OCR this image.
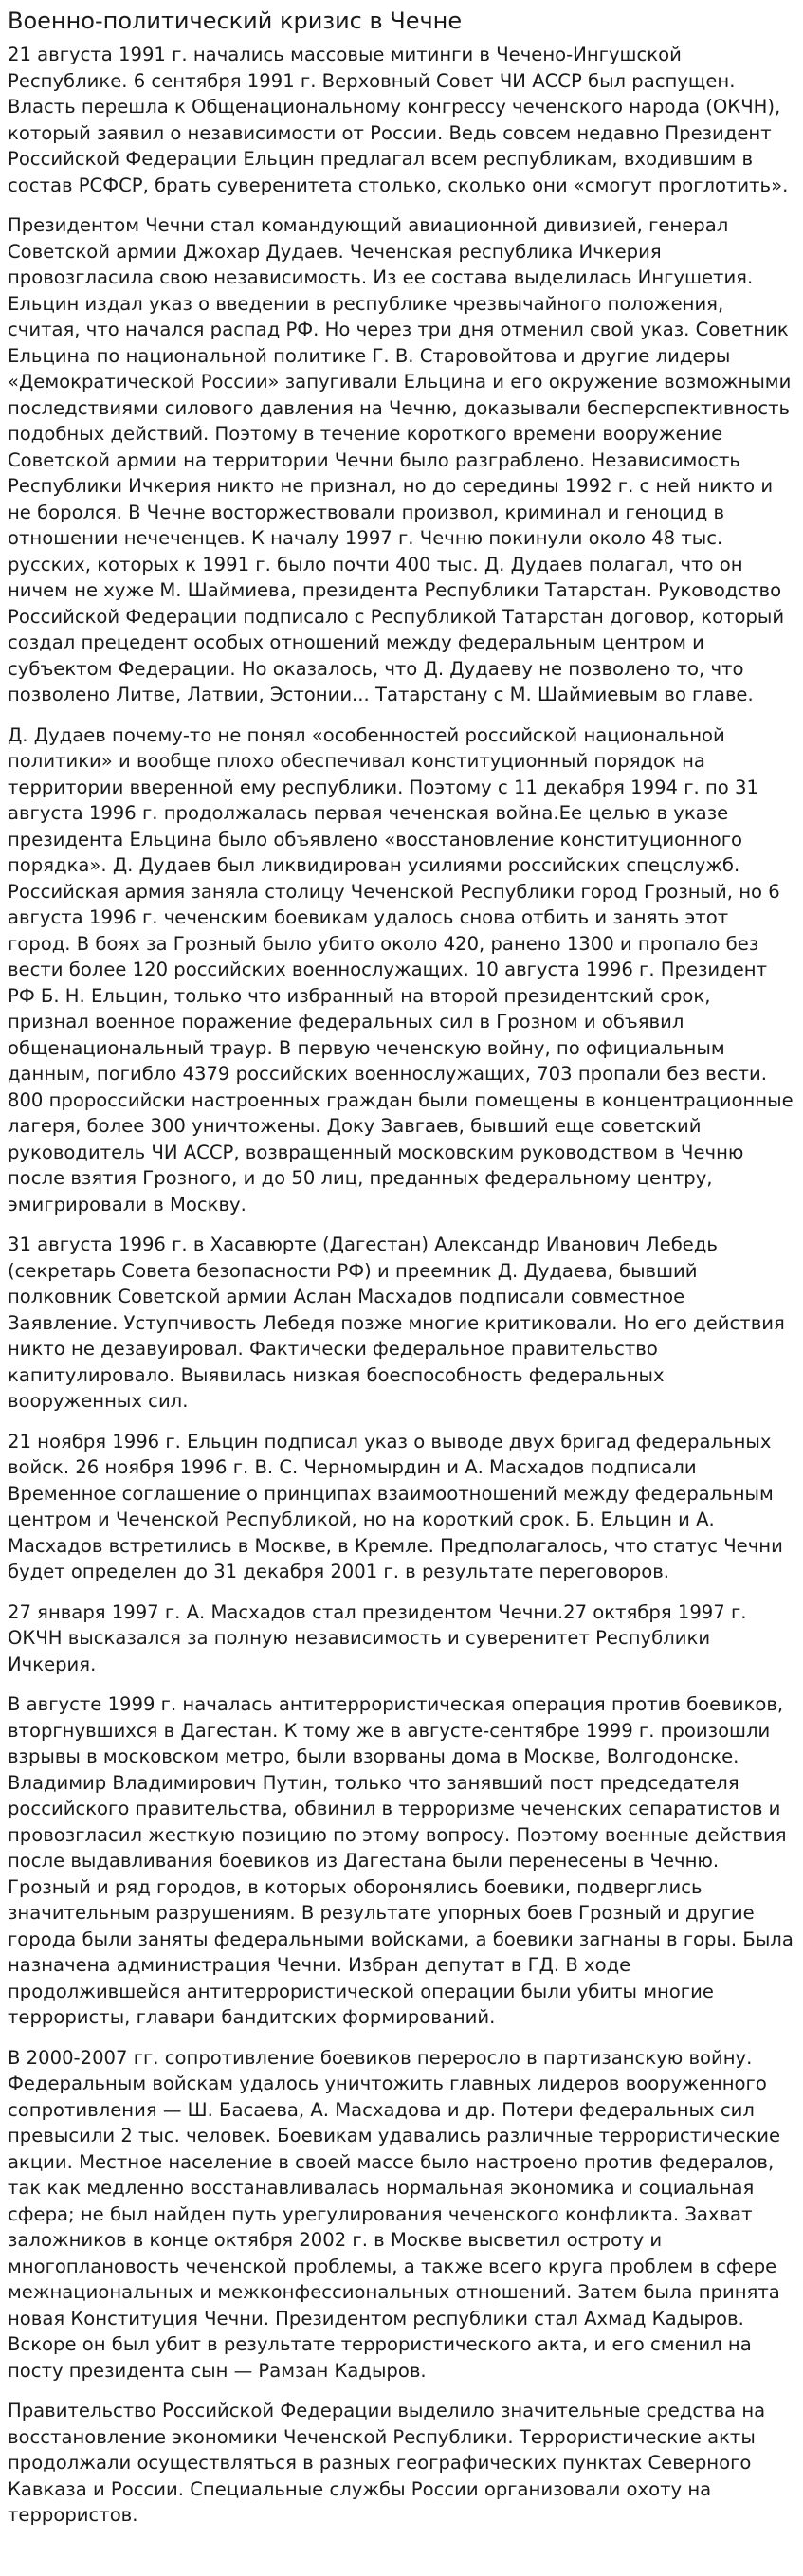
Военно-политический кризис в Чечне

21 августа 1991 г. начались массовые митинги в Чечено-Ингушской Республике. 6 сентября 1991 г. Верховный Совет ЧИ АССР был распущен. Власть перешла к Общенациональному конгрессу чеченского народа (ОКЧН), который заявил о независимости от России. Ведь совсем недавно Президент Российской Федерации Ельцин предлагал всем республикам, входившим в состав РСФСР, брать суверенитета столько, сколько они «смогут проглотить».

Президентом Чечни стал командующий авиационной дивизией, генерал Советской армии Джохар Дудаев. Чеченская республика Ичкерия провозгласила свою независимость. Из ее состава выделилась Ингушетия. Ельцин издал указ о введении в республике чрезвычайного положения, считая, что начался распад РФ. Но через три дня отменил свой указ. Советник Ельцина по национальной политике Г. В. Старовойтова и другие лидеры «Демократической России» запугивали Ельцина и его окружение возможными последствиями силового давления на Чечню, доказывали бесперспективность подобных действий. Поэтому в течение короткого времени вооружение Советской армии на территории Чечни было разграблено. Независимость Республики Ичкерия никто не признал, но до середины 1992 г. с ней никто и не боролся. В Чечне восторжествовали произвол, криминал и геноцид в отношении нечеченцев. К началу 1997 г. Чечню покинули около 48 тыс. русских, которых к 1991 г. было почти 400 тыс. Д. Дудаев полагал, что он ничем не хуже М. Шаймиева, президента Республики Татарстан. Руководство Российской Федерации подписало с Республикой Татарстан договор, который создал прецедент особых отношений между федеральным центром и субъектом Федерации. Но оказалось, что Д. Дудаеву не позволено то, что позволено Литве, Латвии, Эстонии... Татарстану с М. Шаймиевым во главе.

Д. Дудаев почему-то не понял «особенностей российской национальной политики» и вообще плохо обеспечивал конституционный порядок на территории вверенной ему республики. Поэтому с 11 декабря 1994 г. по 31 августа 1996 г. продолжалась первая чеченская война.Ее целью в указе президента Ельцина было объявлено «восстановление конституционного порядка». Д. Дудаев был ликвидирован усилиями российских спецслужб. Российская армия заняла столицу Чеченской Республики город Грозный, но 6 августа 1996 г. чеченским боевикам удалось снова отбить и занять этот город. В боях за Грозный было убито около 420, ранено 1300 и пропало без вести более 120 российских военнослужащих. 10 августа 1996 г. Президент РФ Б. Н. Ельцин, только что избранный на второй президентский срок, признал военное поражение федеральных сил в Грозном и объявил общенациональный траур. В первую чеченскую войну, по официальным данным, погибло 4379 российских военнослужащих, 703 пропали без вести. 800 пророссийски настроенных граждан были помещены в концентрационные лагеря, более 300 уничтожены. Доку Завгаев, бывший еще советский руководитель ЧИ АССР, возвращенный московским руководством в Чечню после взятия Грозного, и до 50 лиц, преданных федеральному центру, эмигрировали в Москву.

31 августа 1996 г. в Хасавюрте (Дагестан) Александр Иванович Лебедь (секретарь Совета безопасности РФ) и преемник Д. Дудаева, бывший полковник Советской армии Аслан Масхадов подписали совместное Заявление. Уступчивость Лебедя позже многие критиковали. Но его действия никто не дезавуировал. Фактически федеральное правительство капитулировало. Выявилась низкая боеспособность федеральных вооруженных сил.

21 ноября 1996 г. Ельцин подписал указ о выводе двух бригад федеральных войск. 26 ноября 1996 г. В. С. Черномырдин и А. Масхадов подписали Временное соглашение о принципах взаимоотношений между федеральным центром и Чеченской Республикой, но на короткий срок. Б. Ельцин и А. Масхадов встретились в Москве, в Кремле. Предполагалось, что статус Чечни будет определен до 31 декабря 2001 г. в результате переговоров.

27 января 1997 г. А. Масхадов стал президентом Чечни.27 октября 1997 г. ОКЧН высказался за полную независимость и суверенитет Республики Ичкерия.

В августе 1999 г. началась антитеррористическая операция против боевиков, вторгнувшихся в Дагестан. К тому же в августе-сентябре 1999 г. произошли взрывы в московском метро, были взорваны дома в Москве, Волгодонске. Владимир Владимирович Путин, только что занявший пост председателя российского правительства, обвинил в терроризме чеченских сепаратистов и провозгласил жесткую позицию по этому вопросу. Поэтому военные действия после выдавливания боевиков из Дагестана были перенесены в Чечню. Грозный и ряд городов, в которых оборонялись боевики, подверглись значительным разрушениям. В результате упорных боев Грозный и другие города были заняты федеральными войсками, а боевики загнаны в горы. Была назначена администрация Чечни. Избран депутат в ГД. В ходе продолжившейся антитеррористической операции были убиты многие террористы, главари бандитских формирований.

В 2000-2007 гг. сопротивление боевиков переросло в партизанскую войну. Федеральным войскам удалось уничтожить главных лидеров вооруженного сопротивления — Ш. Басаева, А. Масхадова и др. Потери федеральных сил превысили 2 тыс. человек. Боевикам удавались различные террористические акции. Местное население в своей массе было настроено против федералов, так как медленно восстанавливалась нормальная экономика и социальная сфера; не был найден путь урегулирования чеченского конфликта. Захват заложников в конце октября 2002 г. в Москве высветил остроту и многоплановость чеченской проблемы, а также всего круга проблем в сфере межнациональных и межконфессиональных отношений. Затем была принята новая Конституция Чечни. Президентом республики стал Ахмад Кадыров. Вскоре он был убит в результате террористического акта, и его сменил на посту президента сын — Рамзан Кадыров.

Правительство Российской Федерации выделило значительные средства на восстановление экономики Чеченской Республики. Террористические акты продолжали осуществляться в разных географических пунктах Северного Кавказа и России. Специальные службы России организовали охоту на террористов.
